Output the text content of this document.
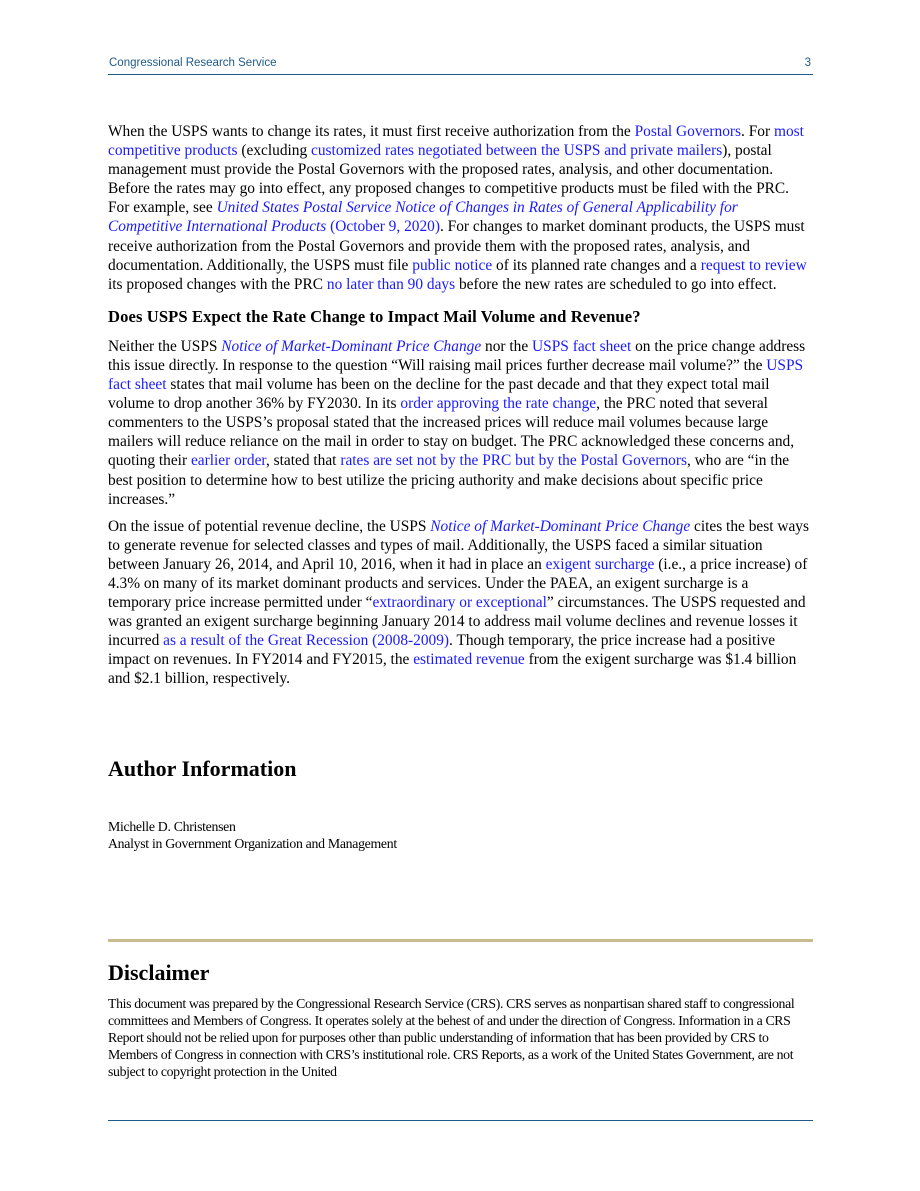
Congressional Research Service	3

When the USPS wants to change its rates, it must first receive authorization from the Postal Governors. For most competitive products (excluding customized rates negotiated between the USPS and private mailers), postal management must provide the Postal Governors with the proposed rates, analysis, and other documentation. Before the rates may go into effect, any proposed changes to competitive products must be filed with the PRC. For example, see United States Postal Service Notice of Changes in Rates of General Applicability for Competitive International Products (October 9, 2020). For changes to market dominant products, the USPS must receive authorization from the Postal Governors and provide them with the proposed rates, analysis, and documentation. Additionally, the USPS must file public notice of its planned rate changes and a request to review its proposed changes with the PRC no later than 90 days before the new rates are scheduled to go into effect.

Does USPS Expect the Rate Change to Impact Mail Volume and Revenue?

Neither the USPS Notice of Market-Dominant Price Change nor the USPS fact sheet on the price change address this issue directly. In response to the question “Will raising mail prices further decrease mail volume?” the USPS fact sheet states that mail volume has been on the decline for the past decade and that they expect total mail volume to drop another 36% by FY2030. In its order approving the rate change, the PRC noted that several commenters to the USPS’s proposal stated that the increased prices will reduce mail volumes because large mailers will reduce reliance on the mail in order to stay on budget. The PRC acknowledged these concerns and, quoting their earlier order, stated that rates are set not by the PRC but by the Postal Governors, who are “in the best position to determine how to best utilize the pricing authority and make decisions about specific price increases.”

On the issue of potential revenue decline, the USPS Notice of Market-Dominant Price Change cites the best ways to generate revenue for selected classes and types of mail. Additionally, the USPS faced a similar situation between January 26, 2014, and April 10, 2016, when it had in place an exigent surcharge (i.e., a price increase) of 4.3% on many of its market dominant products and services. Under the PAEA, an exigent surcharge is a temporary price increase permitted under “extraordinary or exceptional” circumstances. The USPS requested and was granted an exigent surcharge beginning January 2014 to address mail volume declines and revenue losses it incurred as a result of the Great Recession (2008-2009). Though temporary, the price increase had a positive impact on revenues. In FY2014 and FY2015, the estimated revenue from the exigent surcharge was $1.4 billion and $2.1 billion, respectively.

Author Information
Michelle D. Christensen
Analyst in Government Organization and Management
Disclaimer
This document was prepared by the Congressional Research Service (CRS). CRS serves as nonpartisan shared staff to congressional committees and Members of Congress. It operates solely at the behest of and under the direction of Congress. Information in a CRS Report should not be relied upon for purposes other than public understanding of information that has been provided by CRS to Members of Congress in connection with CRS’s institutional role. CRS Reports, as a work of the United States Government, are not subject to copyright protection in the United
